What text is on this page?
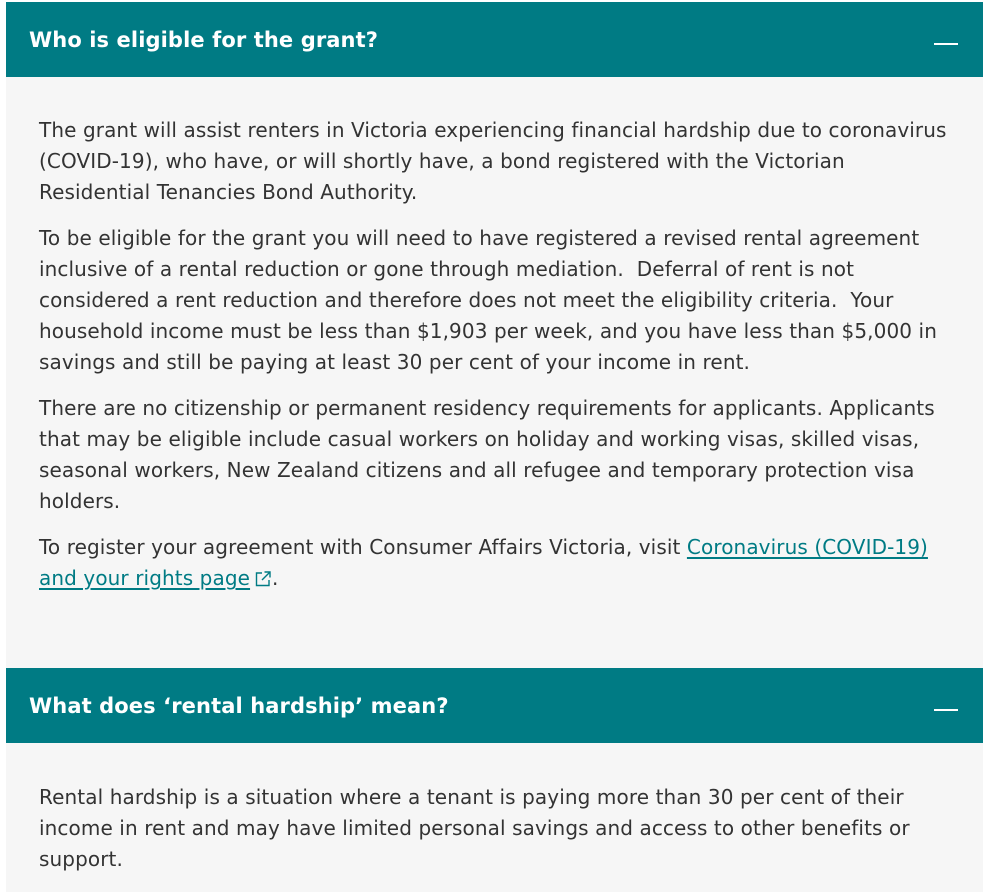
Who is eligible for the grant?

The grant will assist renters in Victoria experiencing financial hardship due to coronavirus (COVID-19), who have, or will shortly have, a bond registered with the Victorian Residential Tenancies Bond Authority.

To be eligible for the grant you will need to have registered a revised rental agreement inclusive of a rental reduction or gone through mediation.  Deferral of rent is not considered a rent reduction and therefore does not meet the eligibility criteria.  Your household income must be less than $1,903 per week, and you have less than $5,000 in savings and still be paying at least 30 per cent of your income in rent.

There are no citizenship or permanent residency requirements for applicants. Applicants that may be eligible include casual workers on holiday and working visas, skilled visas, seasonal workers, New Zealand citizens and all refugee and temporary protection visa holders.

To register your agreement with Consumer Affairs Victoria, visit Coronavirus (COVID-19) and your rights page .

What does ‘rental hardship’ mean?

Rental hardship is a situation where a tenant is paying more than 30 per cent of their income in rent and may have limited personal savings and access to other benefits or support.
